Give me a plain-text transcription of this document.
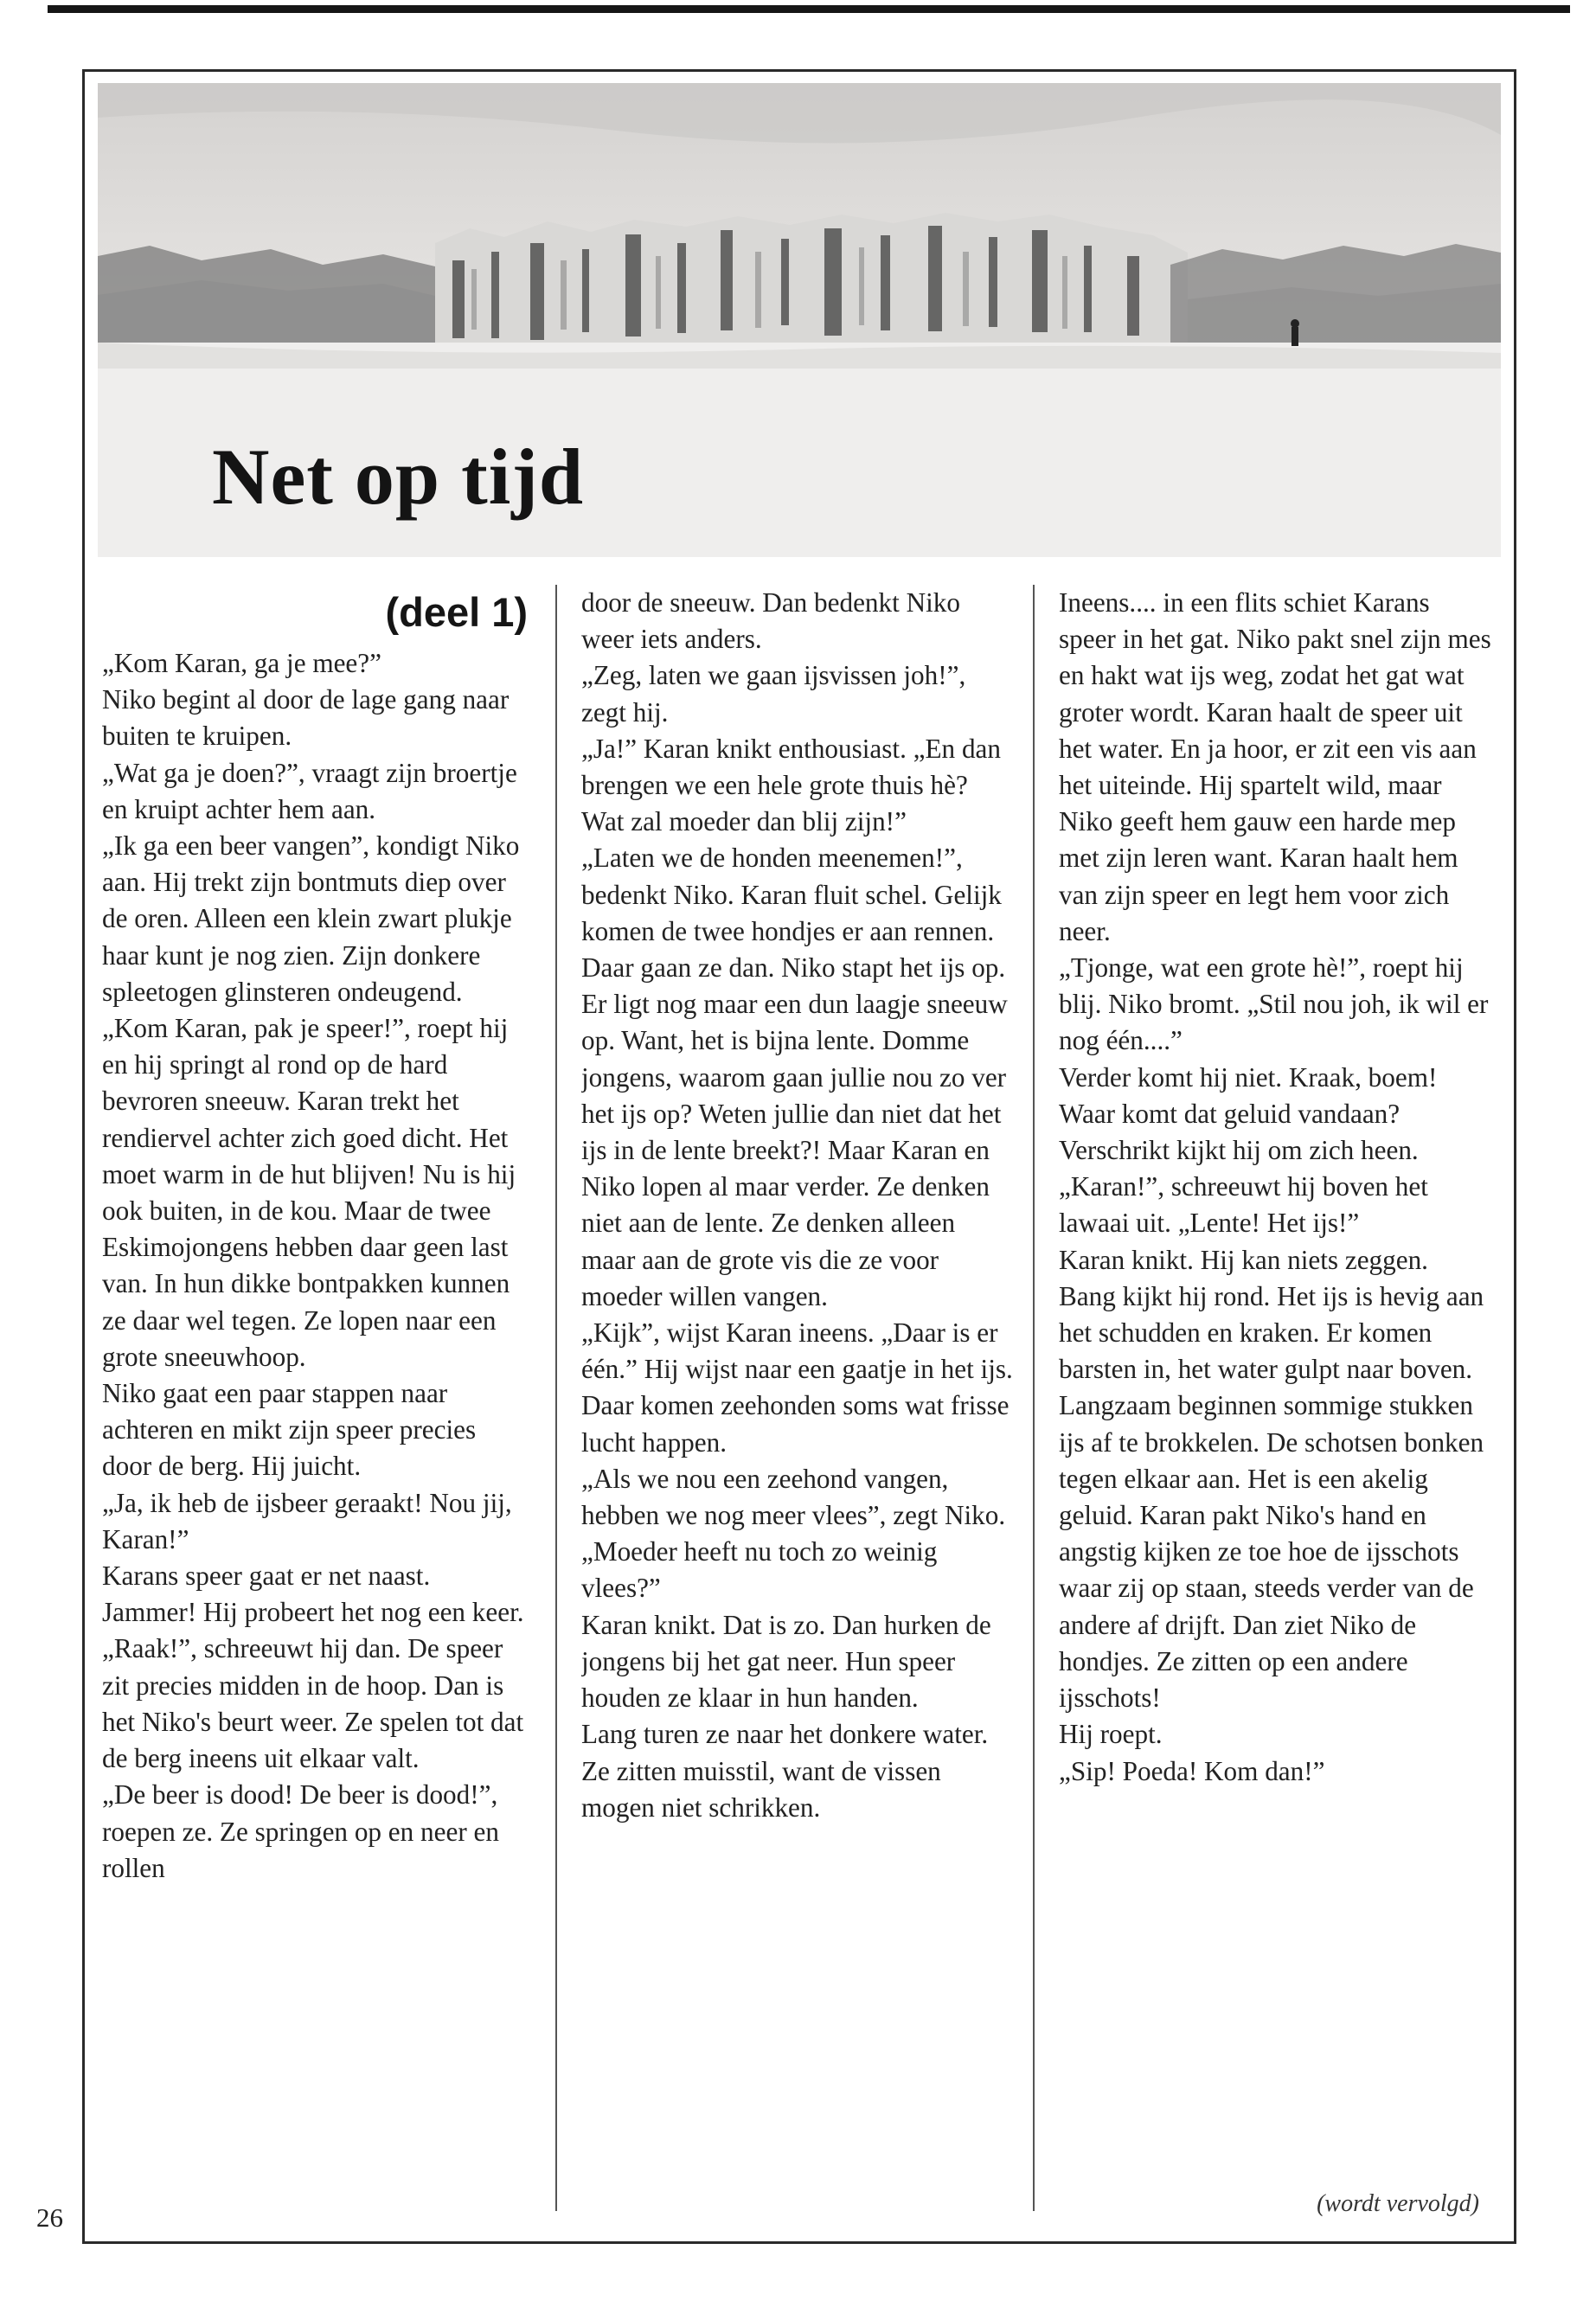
Net op tijd
(deel 1)

„Kom Karan, ga je mee?”

Niko begint al door de lage gang naar buiten te kruipen.

„Wat ga je doen?”, vraagt zijn broertje en kruipt achter hem aan.

„Ik ga een beer vangen”, kondigt Niko aan. Hij trekt zijn bontmuts diep over de oren. Alleen een klein zwart plukje haar kunt je nog zien. Zijn donkere spleetogen glinsteren ondeugend.

„Kom Karan, pak je speer!”, roept hij en hij springt al rond op de hard bevroren sneeuw. Karan trekt het rendiervel achter zich goed dicht. Het moet warm in de hut blijven! Nu is hij ook buiten, in de kou. Maar de twee Eskimojongens hebben daar geen last van. In hun dikke bontpakken kunnen ze daar wel tegen. Ze lopen naar een grote sneeuwhoop.

Niko gaat een paar stappen naar achteren en mikt zijn speer precies door de berg. Hij juicht.

„Ja, ik heb de ijsbeer geraakt! Nou jij, Karan!”

Karans speer gaat er net naast. Jammer! Hij probeert het nog een keer.

„Raak!”, schreeuwt hij dan. De speer zit precies midden in de hoop. Dan is het Niko's beurt weer. Ze spelen tot dat de berg ineens uit elkaar valt.

„De beer is dood! De beer is dood!”, roepen ze. Ze springen op en neer en rollen

door de sneeuw. Dan bedenkt Niko weer iets anders.

„Zeg, laten we gaan ijsvissen joh!”, zegt hij.

„Ja!” Karan knikt enthousiast. „En dan brengen we een hele grote thuis hè? Wat zal moeder dan blij zijn!”

„Laten we de honden meenemen!”, bedenkt Niko. Karan fluit schel. Gelijk komen de twee hondjes er aan rennen.

Daar gaan ze dan. Niko stapt het ijs op. Er ligt nog maar een dun laagje sneeuw op. Want, het is bijna lente. Domme jongens, waarom gaan jullie nou zo ver het ijs op? Weten jullie dan niet dat het ijs in de lente breekt?! Maar Karan en Niko lopen al maar verder. Ze denken niet aan de lente. Ze denken alleen maar aan de grote vis die ze voor moeder willen vangen.

„Kijk”, wijst Karan ineens. „Daar is er één.” Hij wijst naar een gaatje in het ijs. Daar komen zeehonden soms wat frisse lucht happen.

„Als we nou een zeehond vangen, hebben we nog meer vlees”, zegt Niko. „Moeder heeft nu toch zo weinig vlees?”

Karan knikt. Dat is zo. Dan hurken de jongens bij het gat neer. Hun speer houden ze klaar in hun handen.

Lang turen ze naar het donkere water. Ze zitten muisstil, want de vissen mogen niet schrikken.

Ineens.... in een flits schiet Karans speer in het gat. Niko pakt snel zijn mes en hakt wat ijs weg, zodat het gat wat groter wordt. Karan haalt de speer uit het water. En ja hoor, er zit een vis aan het uiteinde. Hij spartelt wild, maar Niko geeft hem gauw een harde mep met zijn leren want. Karan haalt hem van zijn speer en legt hem voor zich neer.

„Tjonge, wat een grote hè!”, roept hij blij. Niko bromt. „Stil nou joh, ik wil er nog één....”

Verder komt hij niet. Kraak, boem! Waar komt dat geluid vandaan? Verschrikt kijkt hij om zich heen.

„Karan!”, schreeuwt hij boven het lawaai uit. „Lente! Het ijs!”

Karan knikt. Hij kan niets zeggen. Bang kijkt hij rond. Het ijs is hevig aan het schudden en kraken. Er komen barsten in, het water gulpt naar boven. Langzaam beginnen sommige stukken ijs af te brokkelen. De schotsen bonken tegen elkaar aan. Het is een akelig geluid. Karan pakt Niko's hand en angstig kijken ze toe hoe de ijsschots waar zij op staan, steeds verder van de andere af drijft. Dan ziet Niko de hondjes. Ze zitten op een andere ijsschots!

Hij roept.

„Sip! Poeda! Kom dan!”

(wordt vervolgd)
26
